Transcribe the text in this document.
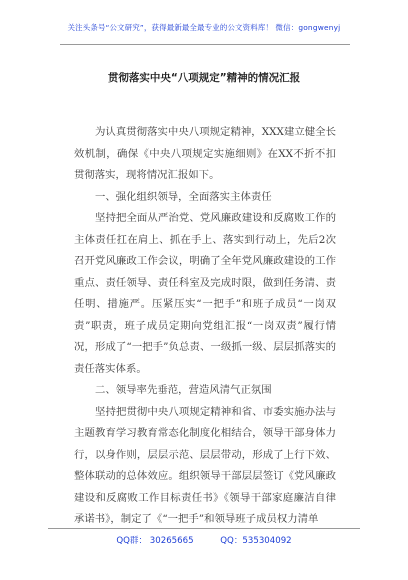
关注头条号“公文研究”，获得最新最全最专业的公文资料库！ 微信：gongwenyj
贯彻落实中央“八项规定”精神的情况汇报

为认真贯彻落实中央八项规定精神，XXX建立健全长效机制，确保《中央八项规定实施细则》在XX不折不扣贯彻落实，现将情况汇报如下。

一、强化组织领导，全面落实主体责任

坚持把全面从严治党、党风廉政建设和反腐败工作的主体责任扛在肩上、抓在手上、落实到行动上，先后2次召开党风廉政工作会议，明确了全年党风廉政建设的工作重点、责任领导、责任科室及完成时限，做到任务清、责任明、措施严。压紧压实“一把手”和班子成员“一岗双责”职责，班子成员定期向党组汇报“一岗双责”履行情况，形成了“一把手”负总责、一级抓一级、层层抓落实的责任落实体系。

二、领导率先垂范，营造风清气正氛围

坚持把贯彻中央八项规定精神和省、市委实施办法与主题教育学习教育常态化制度化相结合，领导干部身体力行，以身作则，层层示范、层层带动，形成了上行下效、整体联动的总体效应。组织领导干部层层签订《党风廉政建设和反腐败工作目标责任书》《领导干部家庭廉洁自律承诺书》，制定了《“一把手”和领导班子成员权力清单

QQ群： 30265665	QQ：535304092
